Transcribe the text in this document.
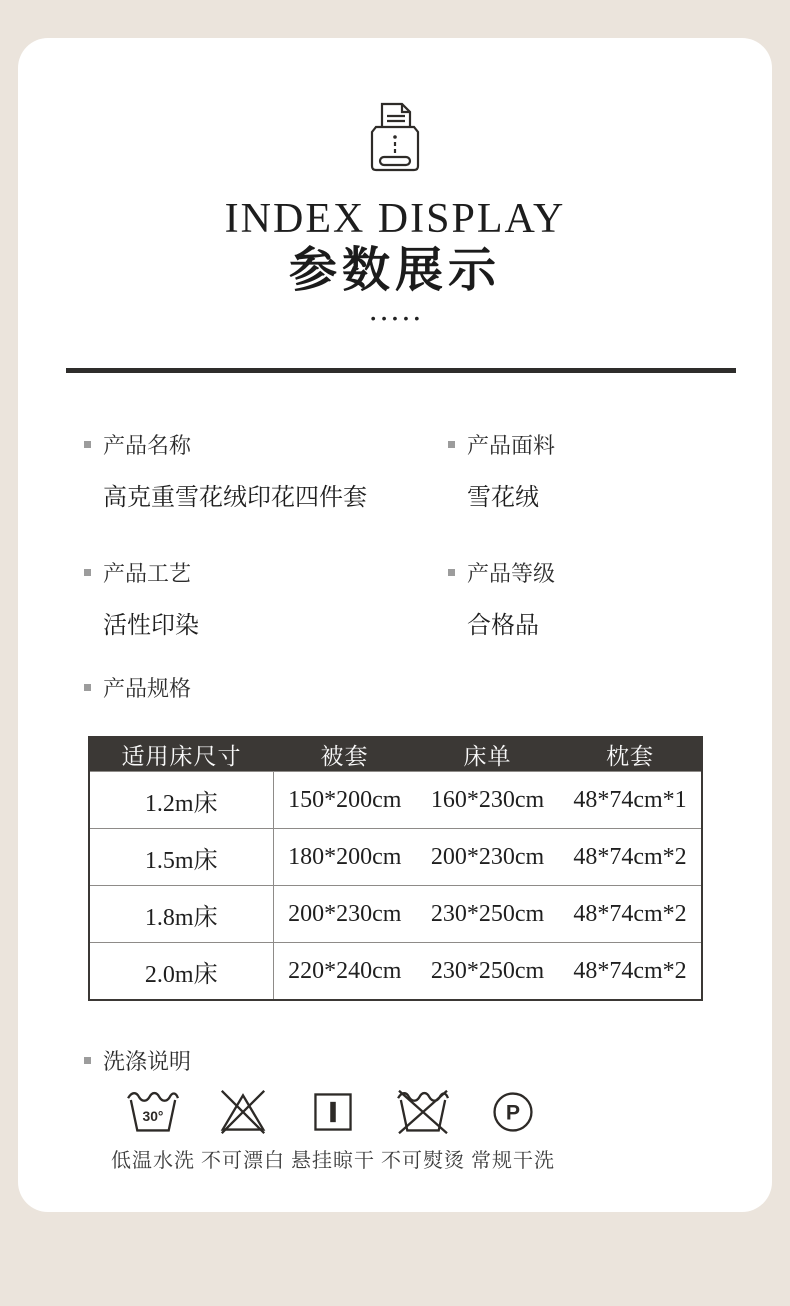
INDEX DISPLAY
参数展示
•••••
产品名称
高克重雪花绒印花四件套
产品面料
雪花绒
产品工艺
活性印染
产品等级
合格品
产品规格
适用床尺寸	被套	床单	枕套
1.2m床	150*200cm	160*230cm	48*74cm*1
1.5m床	180*200cm	200*230cm	48*74cm*2
1.8m床	200*230cm	230*250cm	48*74cm*2
2.0m床	220*240cm	230*250cm	48*74cm*2
洗涤说明
30°
低温水洗 不可漂白 悬挂晾干 不可熨烫
P
常规干洗
